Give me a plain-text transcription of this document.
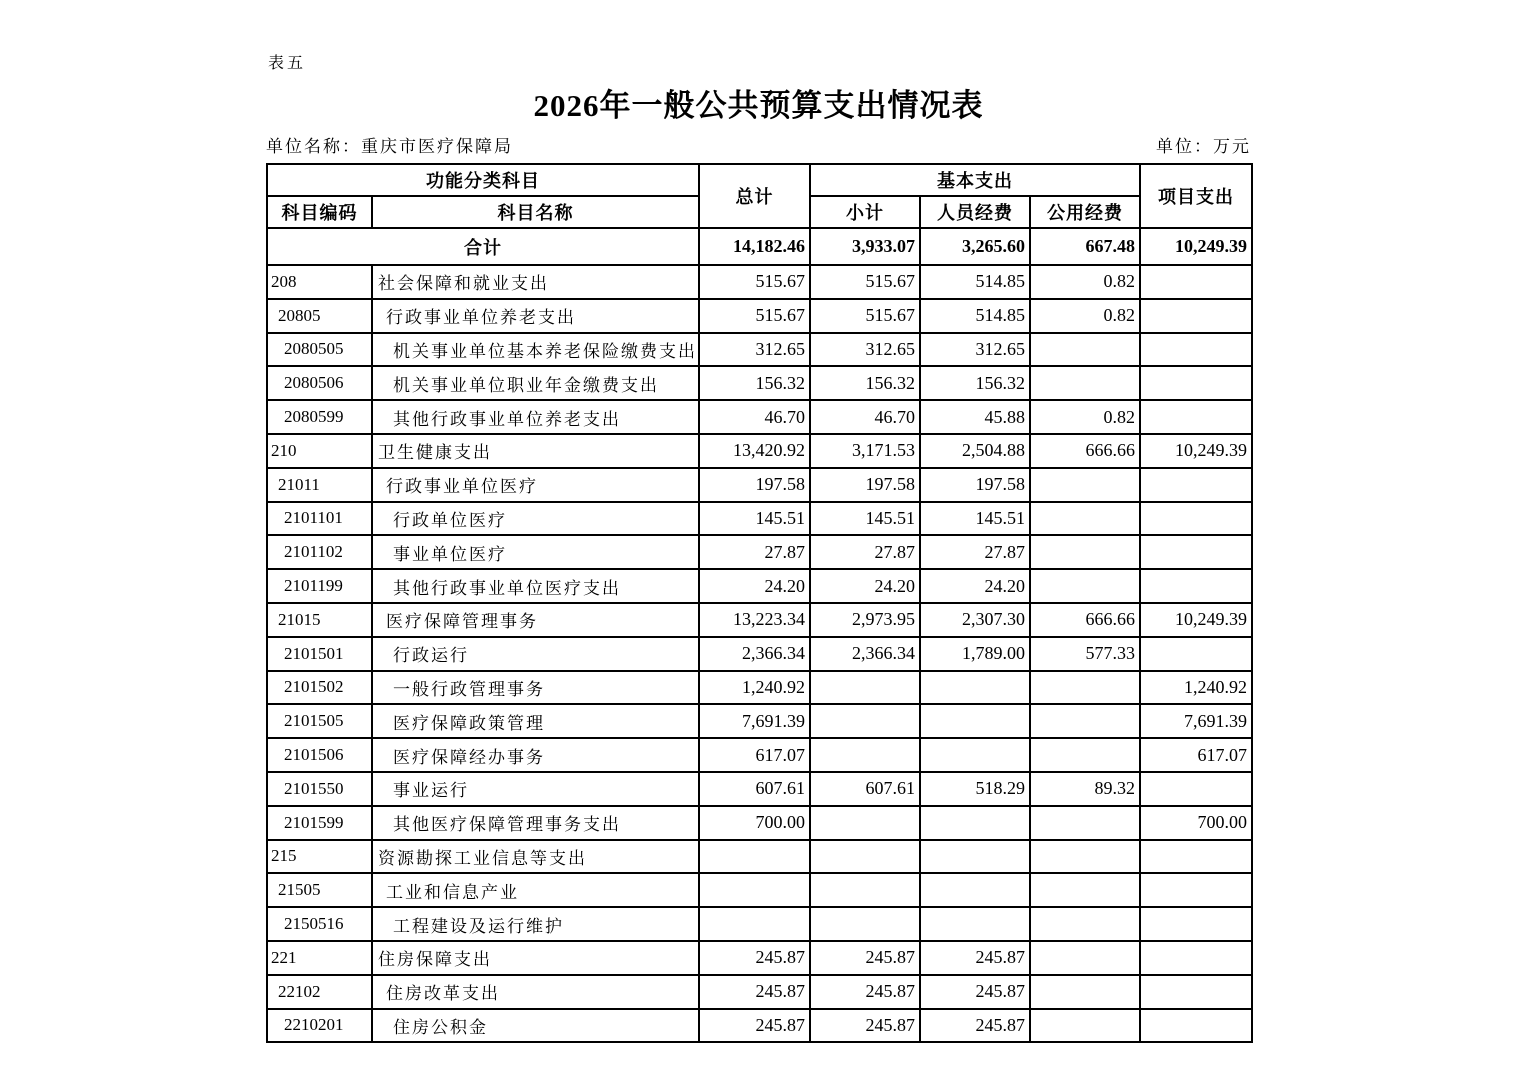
表五
2026年一般公共预算支出情况表
单位名称：重庆市医疗保障局	单位：万元
功能分类科目		总计	基本支出			项目支出
科目编码	科目名称		小计	人员经费	公用经费	
合计		14,182.46	3,933.07	3,265.60	667.48	10,249.39
208	社会保障和就业支出	515.67	515.67	514.85	0.82	
20805	行政事业单位养老支出	515.67	515.67	514.85	0.82	
2080505	机关事业单位基本养老保险缴费支出	312.65	312.65	312.65		
2080506	机关事业单位职业年金缴费支出	156.32	156.32	156.32		
2080599	其他行政事业单位养老支出	46.70	46.70	45.88	0.82	
210	卫生健康支出	13,420.92	3,171.53	2,504.88	666.66	10,249.39
21011	行政事业单位医疗	197.58	197.58	197.58		
2101101	行政单位医疗	145.51	145.51	145.51		
2101102	事业单位医疗	27.87	27.87	27.87		
2101199	其他行政事业单位医疗支出	24.20	24.20	24.20		
21015	医疗保障管理事务	13,223.34	2,973.95	2,307.30	666.66	10,249.39
2101501	行政运行	2,366.34	2,366.34	1,789.00	577.33	
2101502	一般行政管理事务	1,240.92				1,240.92
2101505	医疗保障政策管理	7,691.39				7,691.39
2101506	医疗保障经办事务	617.07				617.07
2101550	事业运行	607.61	607.61	518.29	89.32	
2101599	其他医疗保障管理事务支出	700.00				700.00
215	资源勘探工业信息等支出					
21505	工业和信息产业					
2150516	工程建设及运行维护					
221	住房保障支出	245.87	245.87	245.87		
22102	住房改革支出	245.87	245.87	245.87		
2210201	住房公积金	245.87	245.87	245.87		
